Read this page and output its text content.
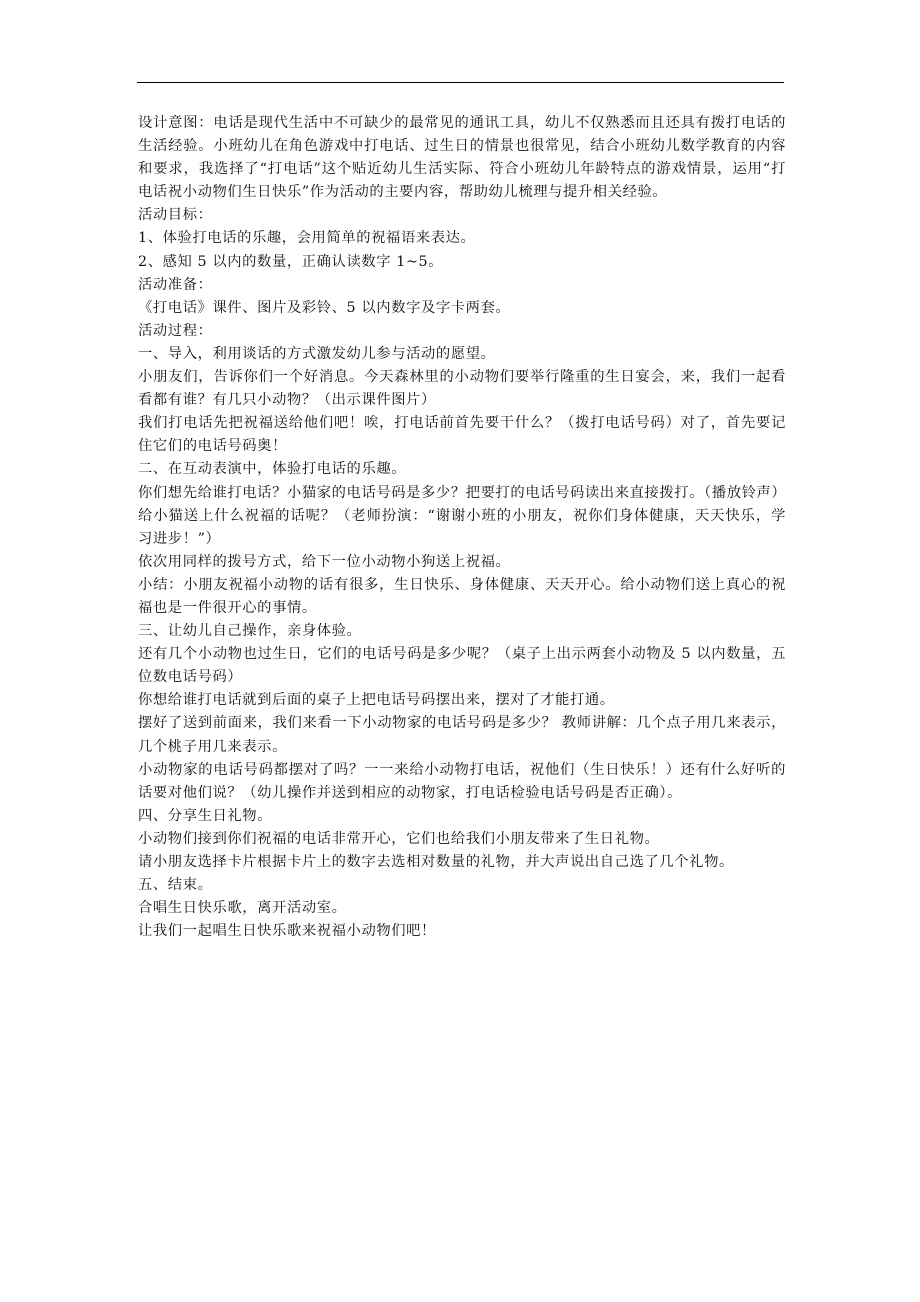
设计意图：电话是现代生活中不可缺少的最常见的通讯工具，幼儿不仅熟悉而且还具有拨打电话的生活经验。小班幼儿在角色游戏中打电话、过生日的情景也很常见，结合小班幼儿数学教育的内容和要求，我选择了“打电话”这个贴近幼儿生活实际、符合小班幼儿年龄特点的游戏情景，运用“打电话祝小动物们生日快乐”作为活动的主要内容，帮助幼儿梳理与提升相关经验。

活动目标：

1、体验打电话的乐趣，会用简单的祝福语来表达。

2、感知 5 以内的数量，正确认读数字 1~5。

活动准备：

《打电话》课件、图片及彩铃、5 以内数字及字卡两套。

活动过程：

一、导入，利用谈话的方式激发幼儿参与活动的愿望。

小朋友们，告诉你们一个好消息。今天森林里的小动物们要举行隆重的生日宴会，来，我们一起看看都有谁？有几只小动物？（出示课件图片）

我们打电话先把祝福送给他们吧！唉，打电话前首先要干什么？（拨打电话号码）对了，首先要记住它们的电话号码奥！

二、在互动表演中，体验打电话的乐趣。

你们想先给谁打电话？小猫家的电话号码是多少？把要打的电话号码读出来直接拨打。（播放铃声）

给小猫送上什么祝福的话呢？（老师扮演：“谢谢小班的小朋友，祝你们身体健康，天天快乐，学习进步！”）

依次用同样的拨号方式，给下一位小动物小狗送上祝福。

小结：小朋友祝福小动物的话有很多，生日快乐、身体健康、天天开心。给小动物们送上真心的祝福也是一件很开心的事情。

三、让幼儿自己操作，亲身体验。

还有几个小动物也过生日，它们的电话号码是多少呢？（桌子上出示两套小动物及 5 以内数量，五位数电话号码）

你想给谁打电话就到后面的桌子上把电话号码摆出来，摆对了才能打通。

摆好了送到前面来，我们来看一下小动物家的电话号码是多少？ 教师讲解：几个点子用几来表示，几个桃子用几来表示。

小动物家的电话号码都摆对了吗？一一来给小动物打电话，祝他们（生日快乐！）还有什么好听的话要对他们说？（幼儿操作并送到相应的动物家，打电话检验电话号码是否正确）。

四、分享生日礼物。

小动物们接到你们祝福的电话非常开心，它们也给我们小朋友带来了生日礼物。

请小朋友选择卡片根据卡片上的数字去选相对数量的礼物，并大声说出自己选了几个礼物。

五、结束。

合唱生日快乐歌，离开活动室。

让我们一起唱生日快乐歌来祝福小动物们吧！
